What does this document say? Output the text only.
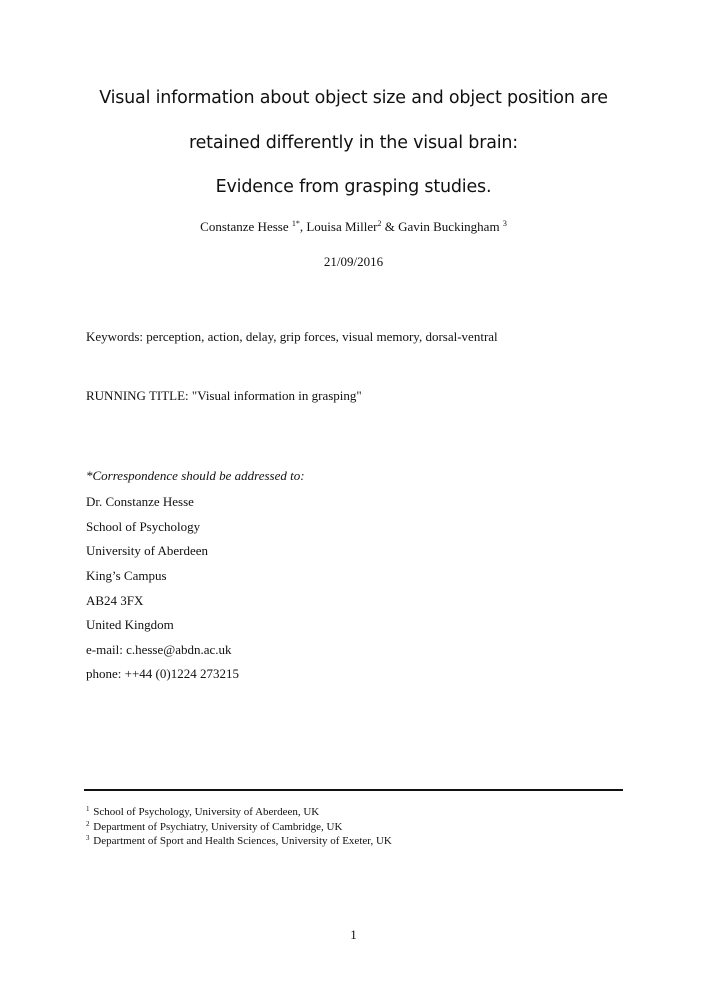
Visual information about object size and object position are
retained differently in the visual brain:
Evidence from grasping studies.
Constanze Hesse $^{1*}$, Louisa Miller$^2$ & Gavin Buckingham $^3$
21/09/2016
Keywords: perception, action, delay, grip forces, visual memory, dorsal-ventral
RUNNING TITLE: "Visual information in grasping"
*Correspondence should be addressed to:
Dr. Constanze Hesse
School of Psychology
University of Aberdeen
King’s Campus
AB24 3FX
United Kingdom
e-mail: c.hesse@abdn.ac.uk
phone: ++44 (0)1224 273215
$^1$ School of Psychology, University of Aberdeen, UK
$^2$ Department of Psychiatry, University of Cambridge, UK
$^3$ Department of Sport and Health Sciences, University of Exeter, UK
1
